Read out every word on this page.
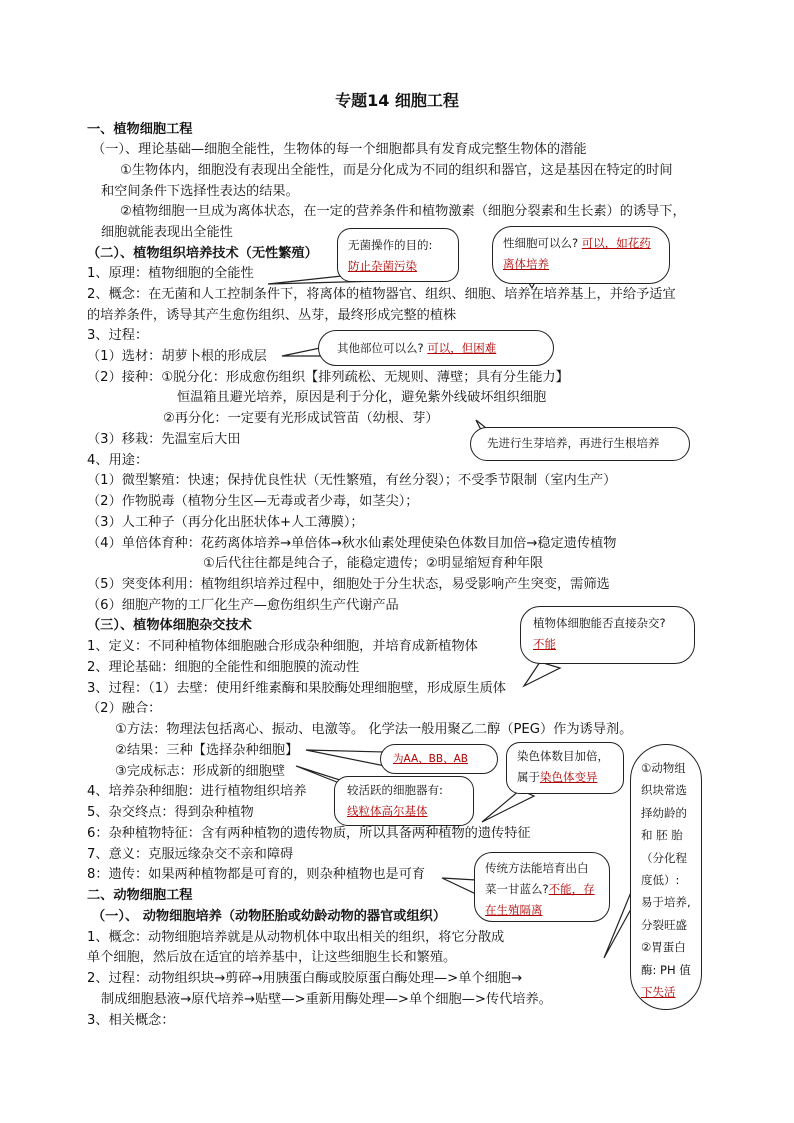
专题14 细胞工程
一、植物细胞工程
（一）、理论基础—细胞全能性，生物体的每一个细胞都具有发育成完整生物体的潜能
①生物体内，细胞没有表现出全能性，而是分化成为不同的组织和器官，这是基因在特定的时间
和空间条件下选择性表达的结果。
②植物细胞一旦成为离体状态，在一定的营养条件和植物激素（细胞分裂素和生长素）的诱导下，
细胞就能表现出全能性
（二）、植物组织培养技术（无性繁殖）
1、原理：植物细胞的全能性
2、概念：在无菌和人工控制条件下，将离体的植物器官、组织、细胞、培养在培养基上，并给予适宜
的培养条件，诱导其产生愈伤组织、丛芽，最终形成完整的植株
3、过程：
（1）选材：胡萝卜根的形成层
（2）接种：①脱分化：形成愈伤组织【排列疏松、无规则、薄壁；具有分生能力】
恒温箱且避光培养，原因是利于分化，避免紫外线破坏组织细胞
②再分化：一定要有光形成试管苗（幼根、芽）
（3）移栽：先温室后大田
4、用途：
（1）微型繁殖：快速；保持优良性状（无性繁殖，有丝分裂）；不受季节限制（室内生产）
（2）作物脱毒（植物分生区—无毒或者少毒，如茎尖）；
（3）人工种子（再分化出胚状体+人工薄膜）；
（4）单倍体育种：花药离体培养→单倍体→秋水仙素处理使染色体数目加倍→稳定遗传植物
①后代往往都是纯合子，能稳定遗传；②明显缩短育种年限
（5）突变体利用：植物组织培养过程中，细胞处于分生状态，易受影响产生突变，需筛选
（6）细胞产物的工厂化生产—愈伤组织生产代谢产品
（三）、植物体细胞杂交技术
1、定义：不同种植物体细胞融合形成杂种细胞，并培育成新植物体
2、理论基础：细胞的全能性和细胞膜的流动性
3、过程：（1）去壁：使用纤维素酶和果胶酶处理细胞壁，形成原生质体
（2）融合：
①方法：物理法包括离心、振动、电激等。 化学法一般用聚乙二醇（PEG）作为诱导剂。
②结果：三种【选择杂种细胞】
③完成标志：形成新的细胞壁
4、培养杂种细胞：进行植物组织培养
5、杂交终点：得到杂种植物
6：杂种植物特征：含有两种植物的遗传物质，所以具备两种植物的遗传特征
7、意义：克服远缘杂交不亲和障碍
8：遗传：如果两种植物都是可育的，则杂种植物也是可育
二、动物细胞工程
（一）、 动物细胞培养（动物胚胎或幼龄动物的器官或组织）
1、概念：动物细胞培养就是从动物机体中取出相关的组织，将它分散成
单个细胞，然后放在适宜的培养基中，让这些细胞生长和繁殖。
2、过程：动物组织块→剪碎→用胰蛋白酶或胶原蛋白酶处理—>单个细胞→
制成细胞悬液→原代培养→贴壁—>重新用酶处理—>单个细胞—>传代培养。
3、相关概念：
无菌操作的目的:
防止杂菌污染
性细胞可以么? 可以，如花药
离体培养
其他部位可以么? 可以，但困难
先进行生芽培养，再进行生根培养
植物体细胞能否直接杂交?
不能
为AA、BB、AB
较活跃的细胞器有:
线粒体高尔基体
染色体数目加倍，
属于染色体变异
传统方法能培育出白
菜一甘蓝么?不能，存
在生殖隔离
①动物组
织块常选
择幼龄的
和 胚 胎
（分化程
度低）:
易于培养,
分裂旺盛
②胃蛋白
酶: PH 值
下失活
